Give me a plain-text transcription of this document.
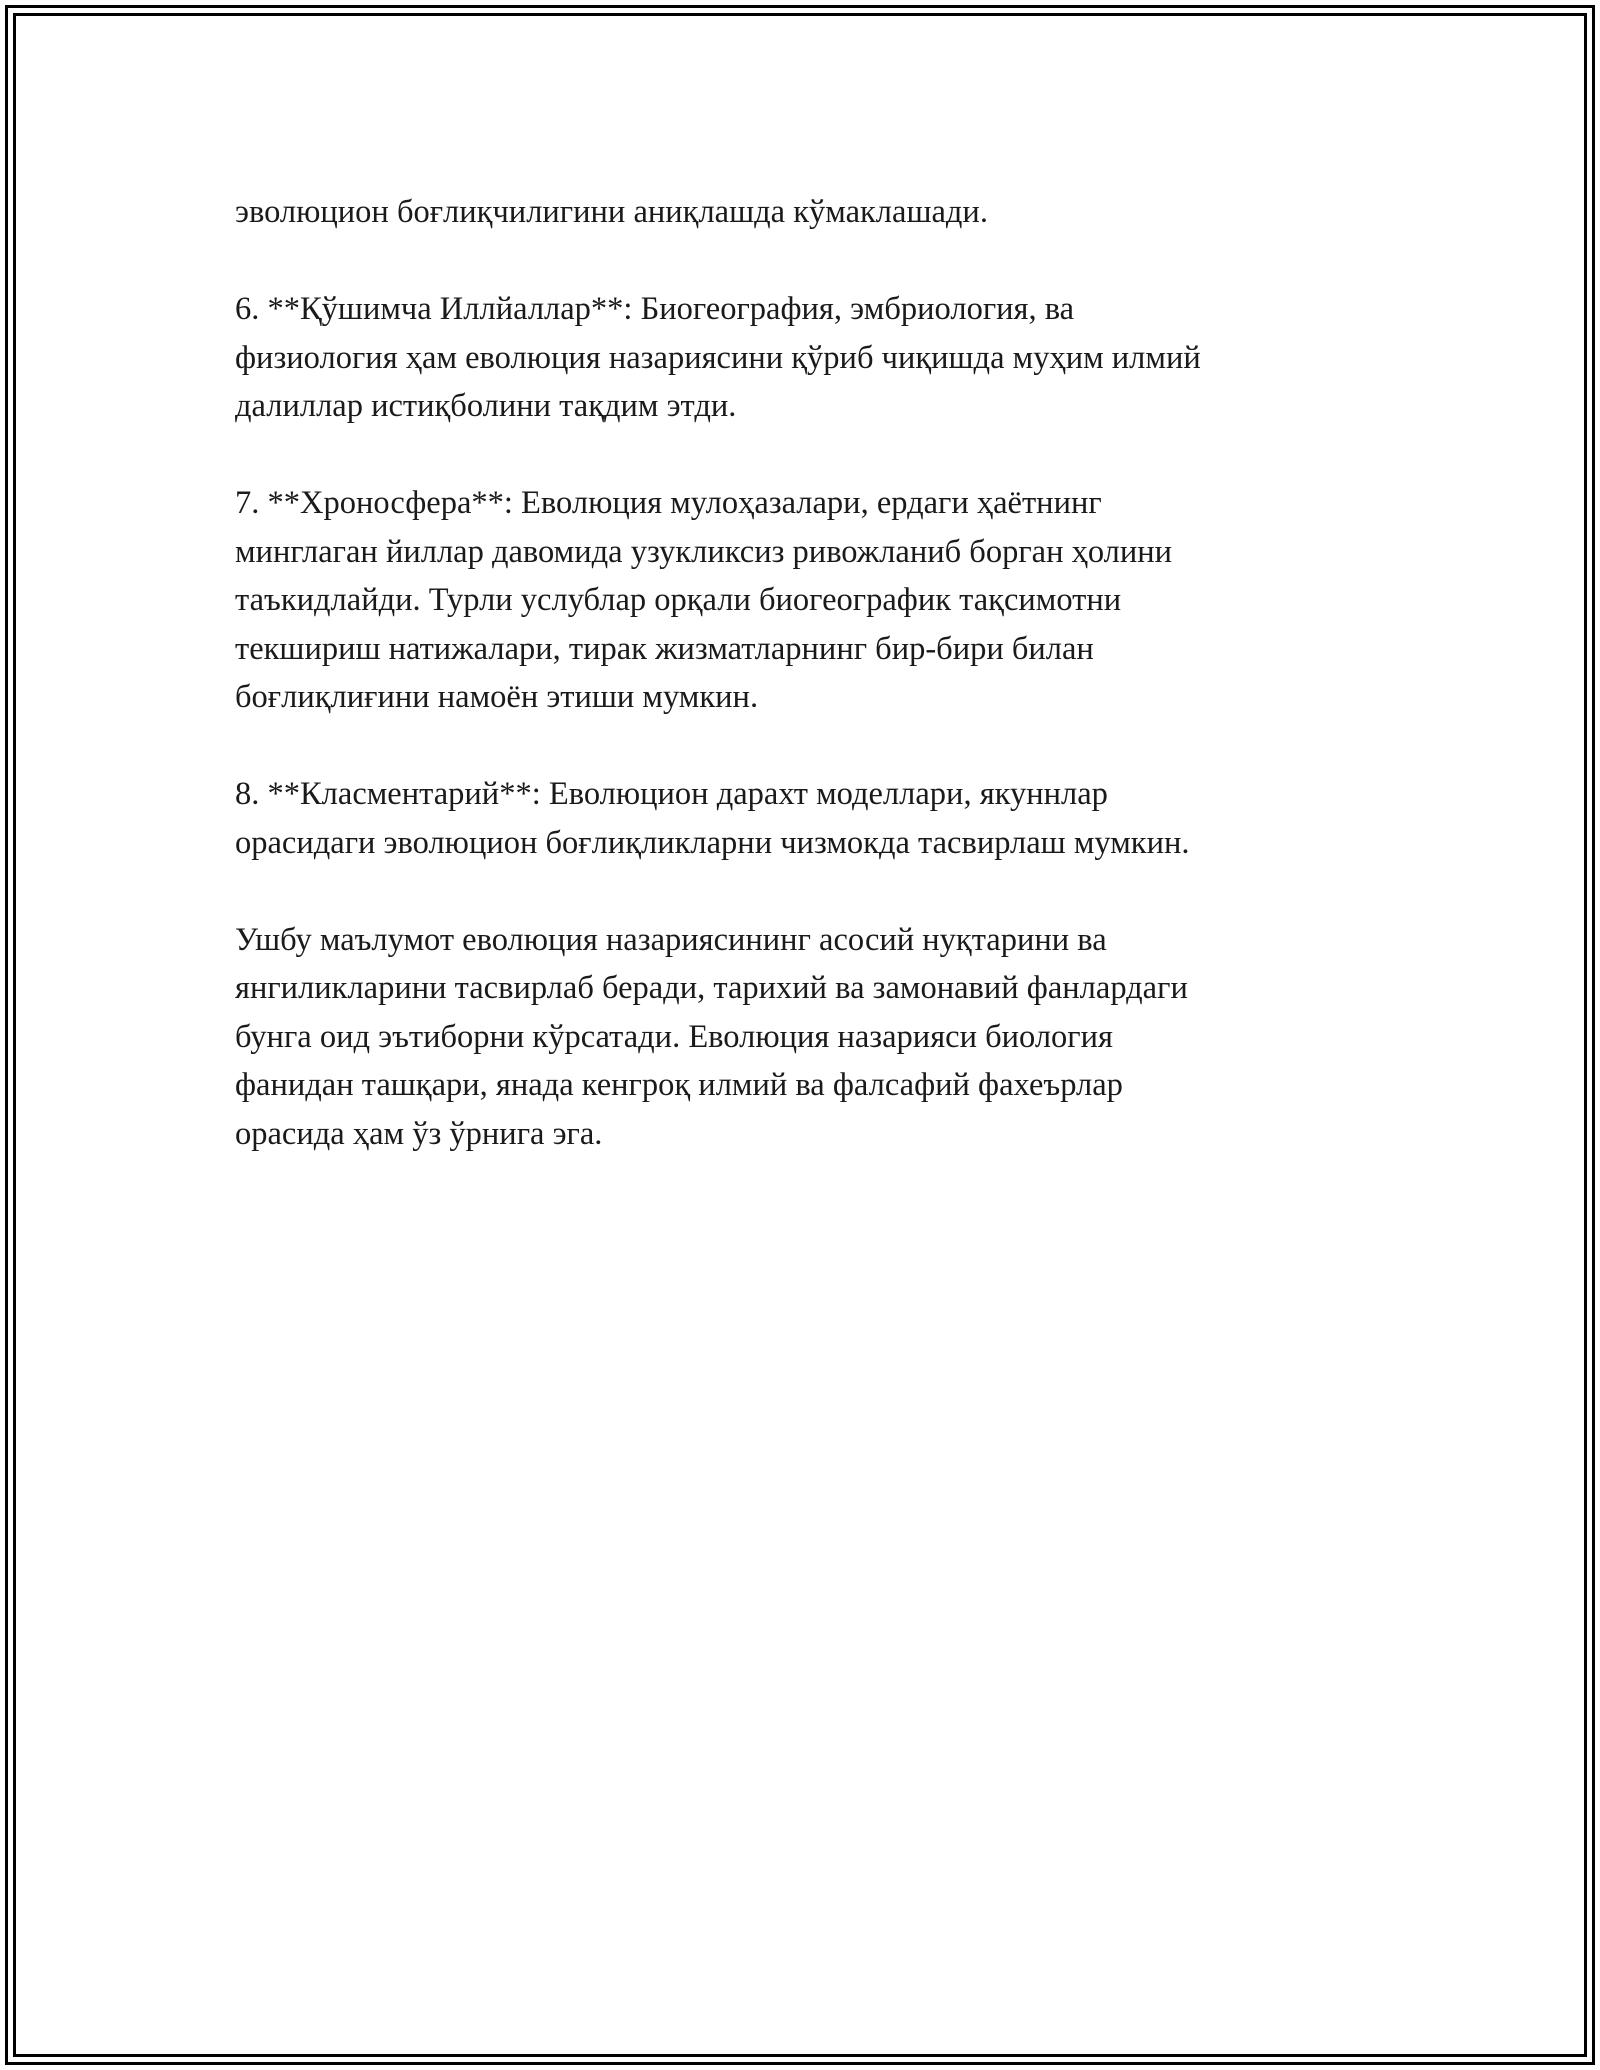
эволюцион боғлиқчилигини аниқлашда кўмаклашади.

6. **Қўшимча Иллйаллар**: Биогеография, эмбриология, ва
физиология ҳам еволюция назариясини қўриб чиқишда муҳим илмий
далиллар истиқболини тақдим этди.

7. **Хроносфера**: Еволюция мулоҳазалари, ердаги ҳаётнинг
минглаган йиллар давомида узукликсиз ривожланиб борган ҳолини
таъкидлайди. Турли услублар орқали биогеографик тақсимотни
текшириш натижалари, тирак жизматларнинг бир-бири билан
боғлиқлиғини намоён этиши мумкин.

8. **Класментарий**: Еволюцион дарахт моделлари, якуннлар
орасидаги эволюцион боғлиқликларни чизмокда тасвирлаш мумкин.

Ушбу маълумот еволюция назариясининг асосий нуқтарини ва
янгиликларини тасвирлаб беради, тарихий ва замонавий фанлардаги
бунга оид эътиборни кўрсатади. Еволюция назарияси биология
фанидан ташқари, янада кенгроқ илмий ва фалсафий фахеърлар
орасида ҳам ўз ўрнига эга.
